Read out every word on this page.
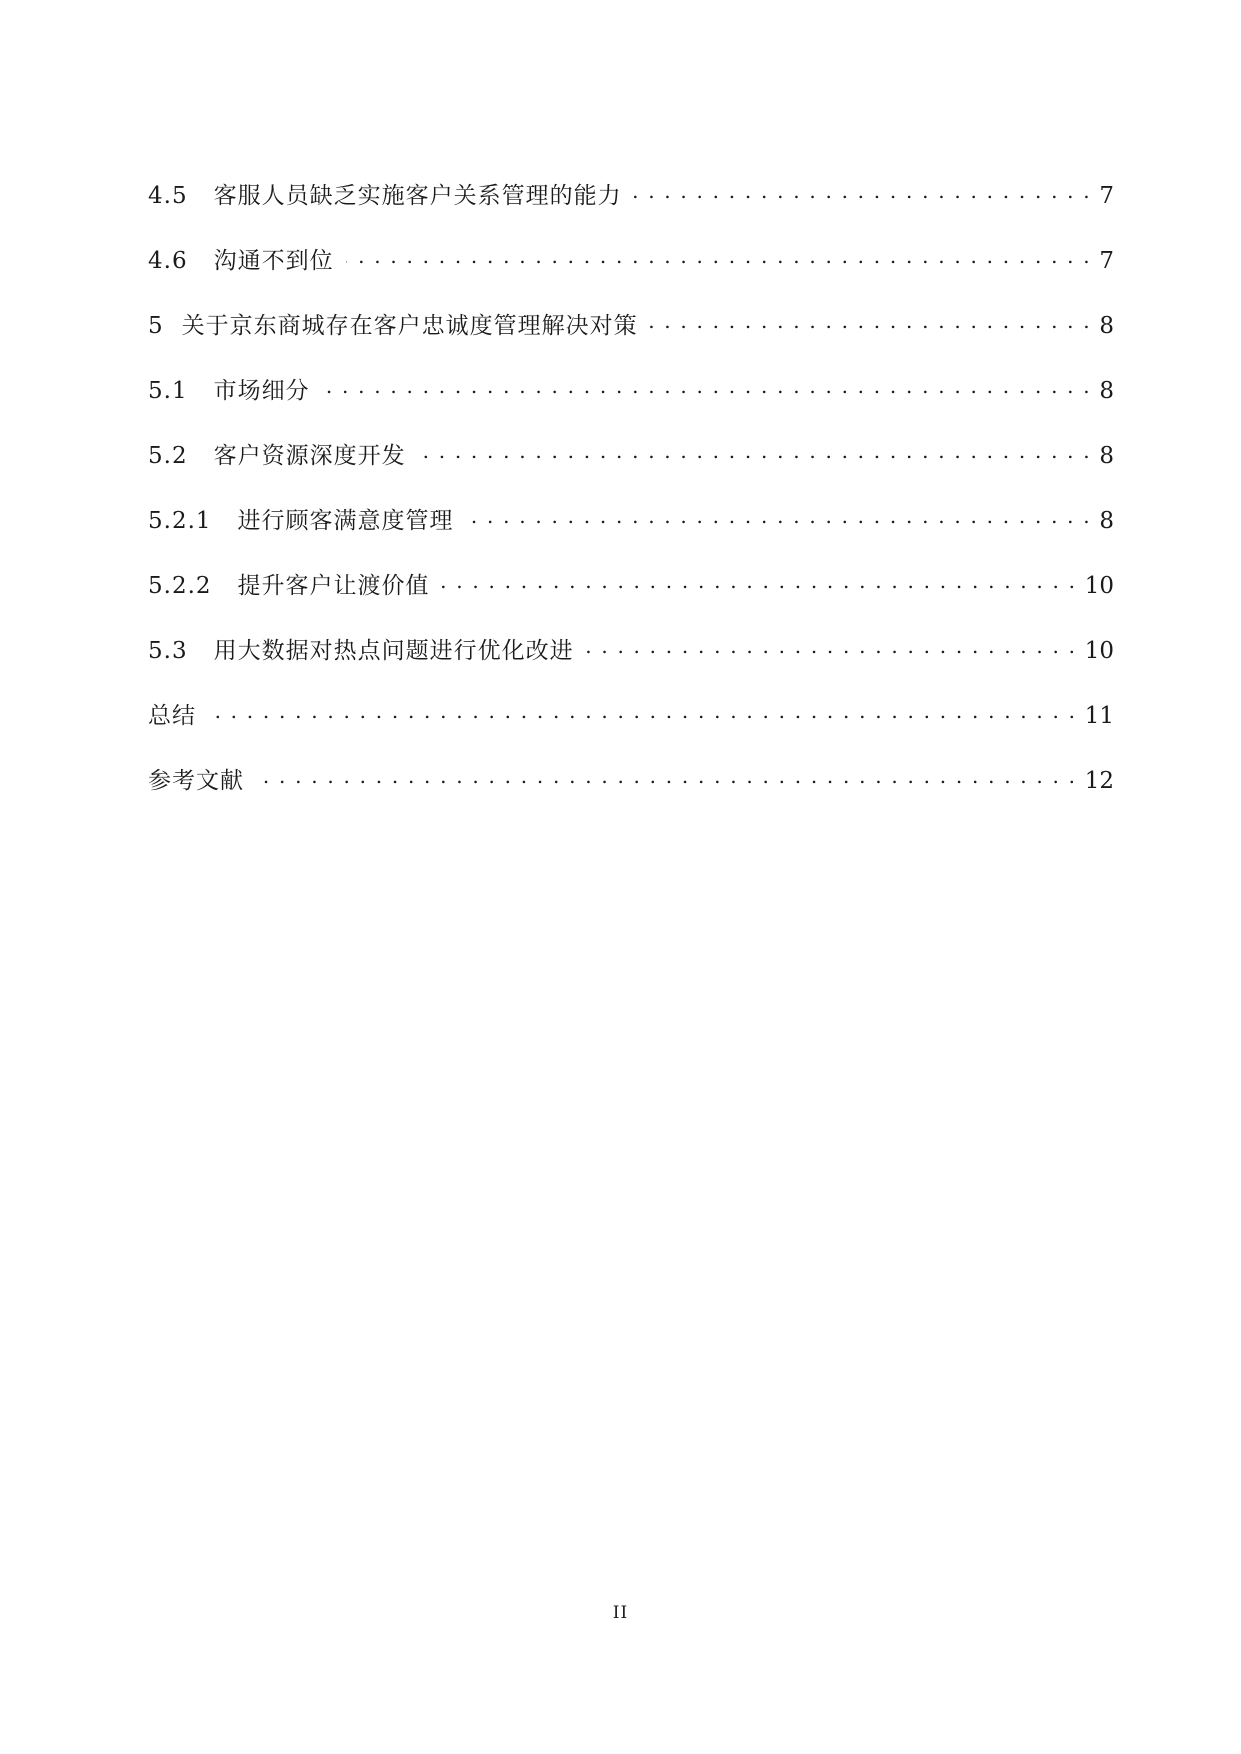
4.5 客服人员缺乏实施客户关系管理的能力 . . .	7
4.6 沟通不到位 . . .	7
5 关于京东商城存在客户忠诚度管理解决对策 . . .	8
5.1 市场细分 . . .	8
5.2 客户资源深度开发 . . .	8
5.2.1 进行顾客满意度管理 . . .	8
5.2.2 提升客户让渡价值 . . .	10
5.3 用大数据对热点问题进行优化改进 . . .	10
总结 . . .	11
参考文献 . . .	12
II
